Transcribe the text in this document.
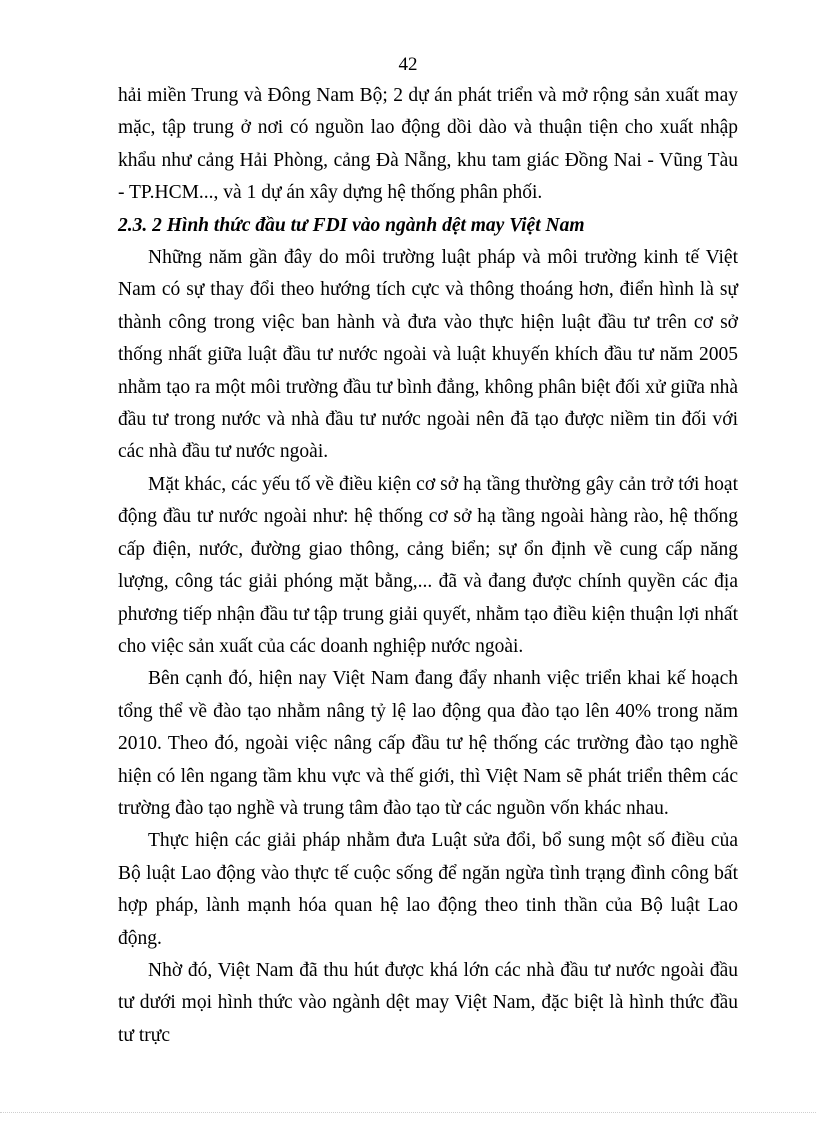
42

hải miền Trung và Đông Nam Bộ; 2 dự án phát triển và mở rộng sản xuất may mặc, tập trung ở nơi có nguồn lao động dồi dào và thuận tiện cho xuất nhập khẩu như cảng Hải Phòng, cảng Đà Nẵng, khu tam giác Đồng Nai - Vũng Tàu - TP.HCM..., và 1 dự án xây dựng hệ thống phân phối.

2.3. 2 Hình thức đầu tư FDI vào ngành dệt may Việt Nam

Những năm gần đây do môi trường luật pháp và môi trường kinh tế Việt Nam có sự thay đổi theo hướng tích cực và thông thoáng hơn, điển hình là sự thành công trong việc ban hành và đưa vào thực hiện luật đầu tư trên cơ sở thống nhất giữa luật đầu tư nước ngoài và luật khuyến khích đầu tư năm 2005 nhằm tạo ra một môi trường đầu tư bình đẳng, không phân biệt đối xử giữa nhà đầu tư trong nước và nhà đầu tư nước ngoài nên đã tạo được niềm tin đối với các nhà đầu tư nước ngoài.

Mặt khác, các yếu tố về điều kiện cơ sở hạ tầng thường gây cản trở tới hoạt động đầu tư nước ngoài như: hệ thống cơ sở hạ tầng ngoài hàng rào, hệ thống cấp điện, nước, đường giao thông, cảng biển; sự ổn định về cung cấp năng lượng, công tác giải phóng mặt bằng,... đã và đang được chính quyền các địa phương tiếp nhận đầu tư tập trung giải quyết, nhằm tạo điều kiện thuận lợi nhất cho việc sản xuất của các doanh nghiệp nước ngoài.

Bên cạnh đó, hiện nay Việt Nam đang đẩy nhanh việc triển khai kế hoạch tổng thể về đào tạo nhằm nâng tỷ lệ lao động qua đào tạo lên 40% trong năm 2010. Theo đó, ngoài việc nâng cấp đầu tư hệ thống các trường đào tạo nghề hiện có lên ngang tầm khu vực và thế giới, thì Việt Nam sẽ phát triển thêm các trường đào tạo nghề và trung tâm đào tạo từ các nguồn vốn khác nhau.

Thực hiện các giải pháp nhằm đưa Luật sửa đổi, bổ sung một số điều của Bộ luật Lao động vào thực tế cuộc sống để ngăn ngừa tình trạng đình công bất hợp pháp, lành mạnh hóa quan hệ lao động theo tinh thần của Bộ luật Lao động.

Nhờ đó, Việt Nam đã thu hút được khá lớn các nhà đầu tư nước ngoài đầu tư dưới mọi hình thức vào ngành dệt may Việt Nam, đặc biệt là hình thức đầu tư trực
